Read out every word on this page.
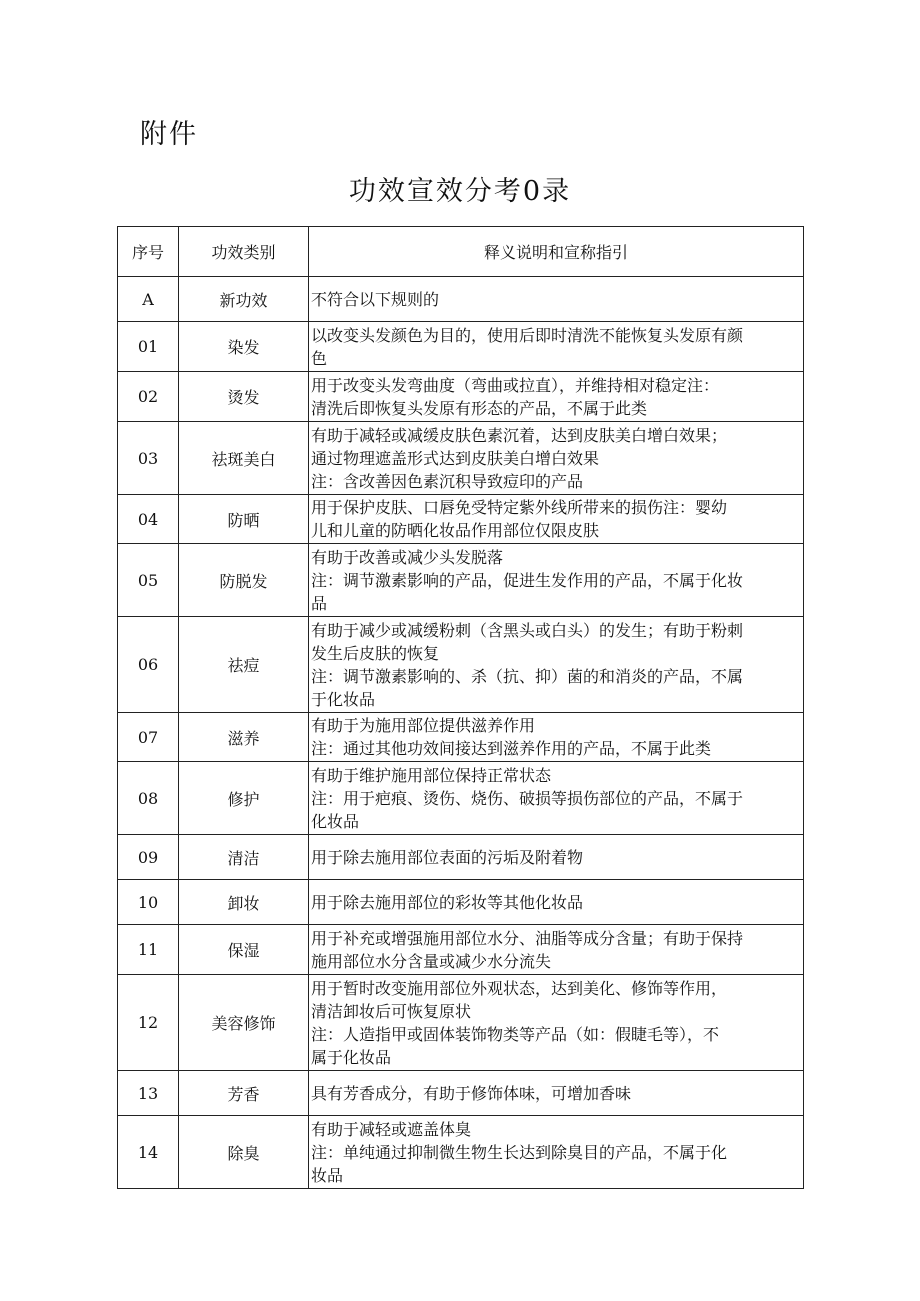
附件
功效宣效分考0录
序号	功效类别	释义说明和宣称指引
A	新功效	不符合以下规则的

01	染发	以改变头发颜色为目的，使用后即时清洗不能恢复头发原有颜
色

02	烫发	用于改变头发弯曲度（弯曲或拉直），并维持相对稳定注：
清洗后即恢复头发原有形态的产品，不属于此类

03	祛斑美白	有助于减轻或减缓皮肤色素沉着，达到皮肤美白增白效果；
通过物理遮盖形式达到皮肤美白增白效果
注：含改善因色素沉积导致痘印的产品

04	防晒	用于保护皮肤、口唇免受特定紫外线所带来的损伤注：婴幼
儿和儿童的防晒化妆品作用部位仅限皮肤

05	防脱发	有助于改善或减少头发脱落
注：调节激素影响的产品，促进生发作用的产品，不属于化妆
品

06	祛痘	有助于减少或减缓粉刺（含黑头或白头）的发生；有助于粉刺
发生后皮肤的恢复
注：调节激素影响的、杀（抗、抑）菌的和消炎的产品，不属
于化妆品

07	滋养	有助于为施用部位提供滋养作用
注：通过其他功效间接达到滋养作用的产品，不属于此类

08	修护	有助于维护施用部位保持正常状态
注：用于疤痕、烫伤、烧伤、破损等损伤部位的产品，不属于
化妆品

09	清洁	用于除去施用部位表面的污垢及附着物

10	卸妆	用于除去施用部位的彩妆等其他化妆品

11	保湿	用于补充或增强施用部位水分、油脂等成分含量；有助于保持
施用部位水分含量或减少水分流失

12	美容修饰	用于暂时改变施用部位外观状态，达到美化、修饰等作用，
清洁卸妆后可恢复原状
注：人造指甲或固体装饰物类等产品（如：假睫毛等），不
属于化妆品

13	芳香	具有芳香成分，有助于修饰体味，可增加香味

14	除臭	有助于减轻或遮盖体臭
注：单纯通过抑制微生物生长达到除臭目的产品，不属于化
妆品
